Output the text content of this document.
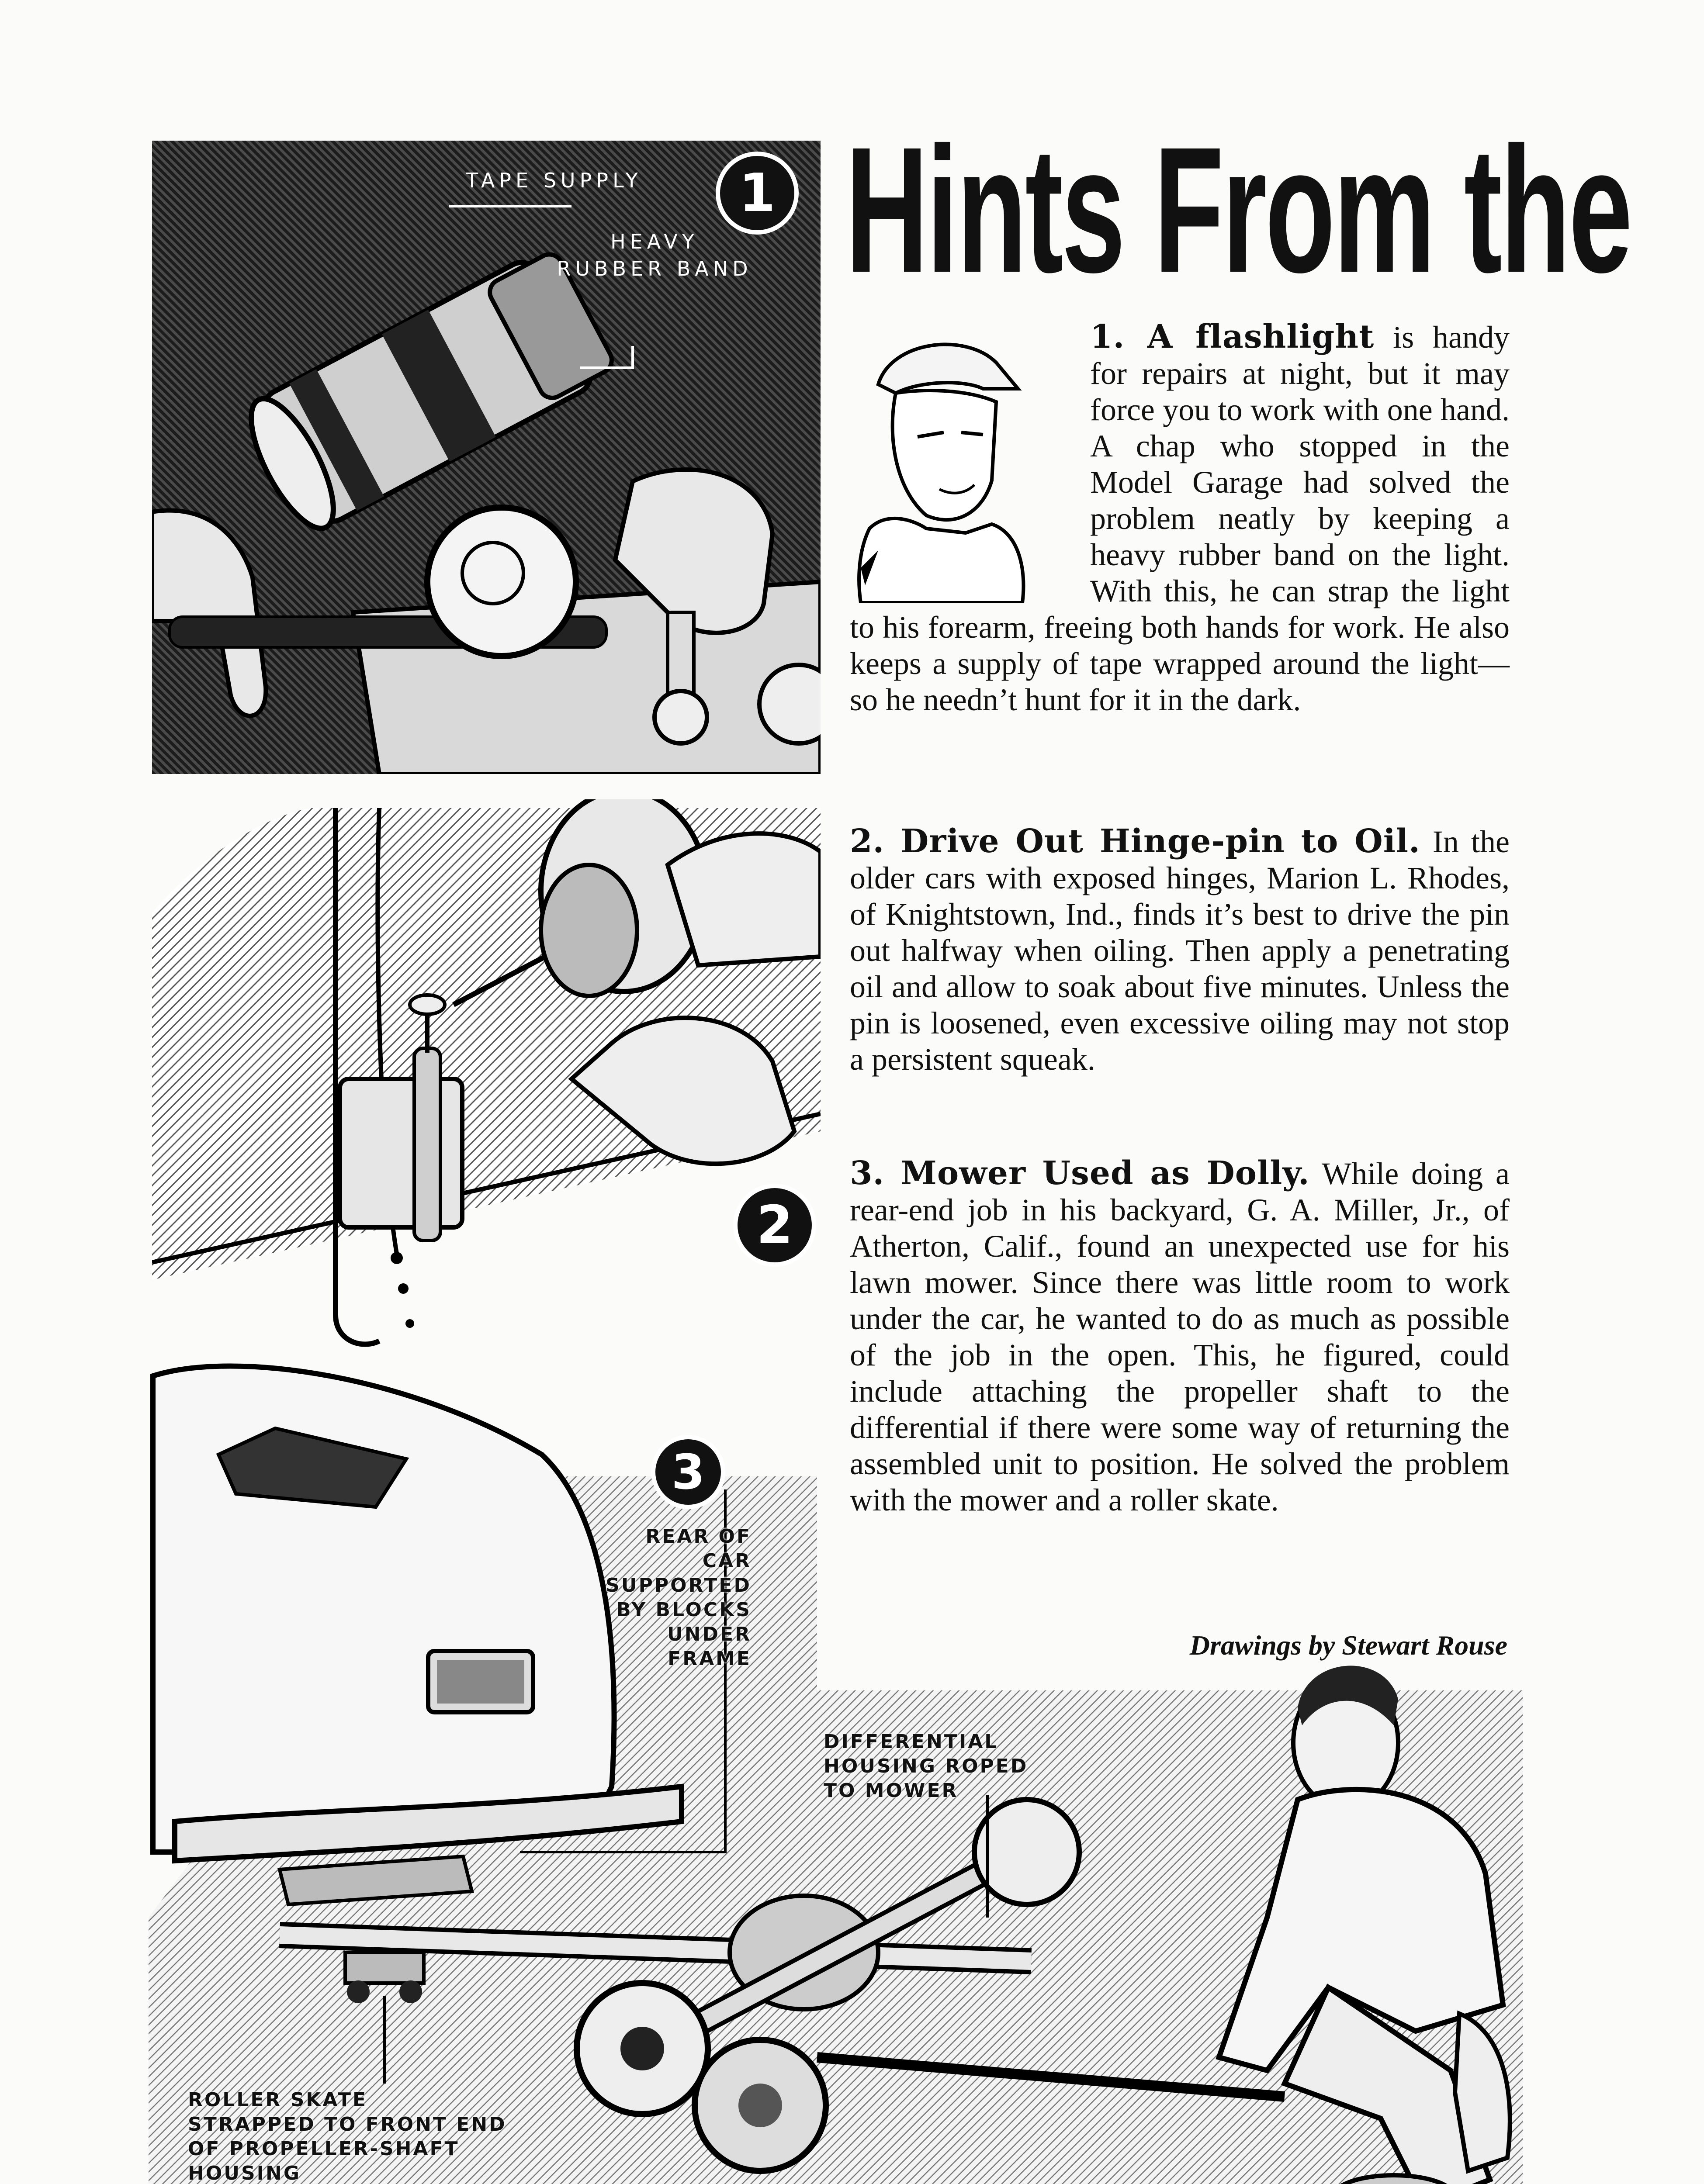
TAPE SUPPLY
HEAVY
RUBBER BAND
1
2
3
REAR OF CAR
SUPPORTED
BY BLOCKS
UNDER
FRAME
DIFFERENTIAL
HOUSING ROPED
TO MOWER
ROLLER SKATE
STRAPPED TO FRONT END
OF PROPELLER-SHAFT
HOUSING
Hints From the
1. A flashlight is handy for repairs at night, but it may force you to work with one hand. A chap who stopped in the Model Garage had solved the problem neatly by keeping a heavy rubber band on the light. With this, he can strap the light to his forearm, freeing both hands for work. He also keeps a supply of tape wrapped around the light—so he needn’t hunt for it in the dark.
2. Drive Out Hinge-pin to Oil. In the older cars with exposed hinges, Marion L. Rhodes, of Knightstown, Ind., finds it’s best to drive the pin out halfway when oiling. Then apply a penetrating oil and allow to soak about five minutes. Unless the pin is loosened, even excessive oiling may not stop a persistent squeak.
3. Mower Used as Dolly. While doing a rear-end job in his backyard, G. A. Miller, Jr., of Atherton, Calif., found an unexpected use for his lawn mower. Since there was little room to work under the car, he wanted to do as much as possible of the job in the open. This, he figured, could include attaching the propeller shaft to the differential if there were some way of returning the assembled unit to position. He solved the problem with the mower and a roller skate.
Drawings by Stewart Rouse
